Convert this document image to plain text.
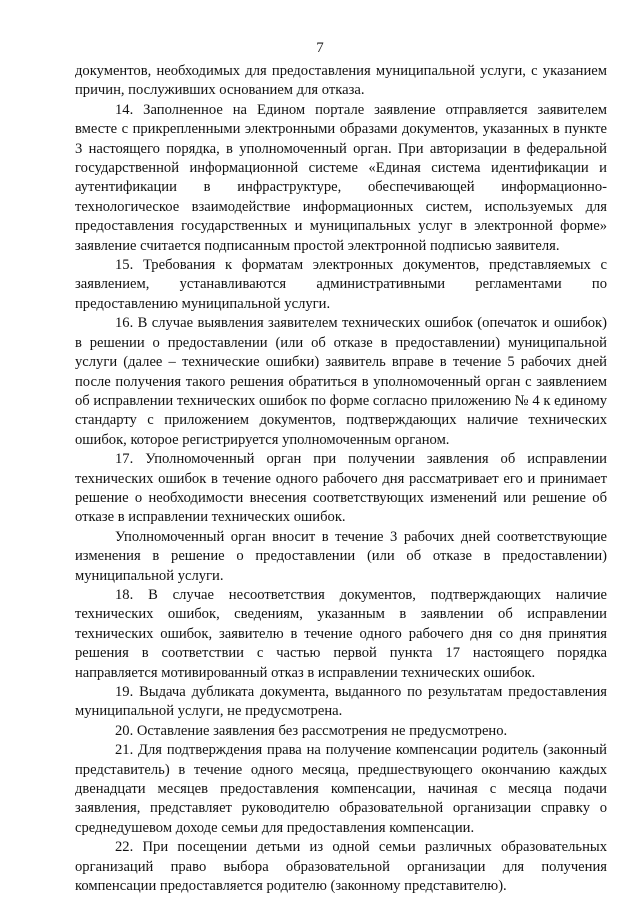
7

документов, необходимых для предоставления муниципальной услуги, с указанием причин, послуживших основанием для отказа.

14. Заполненное на Едином портале заявление отправляется заявителем вместе с прикрепленными электронными образами документов, указанных в пункте 3 настоящего порядка, в уполномоченный орган. При авторизации в федеральной государственной информационной системе «Единая система идентификации и аутентификации в инфраструктуре, обеспечивающей информационно-технологическое взаимодействие информационных систем, используемых для предоставления государственных и муниципальных услуг в электронной форме» заявление считается подписанным простой электронной подписью заявителя.

15. Требования к форматам электронных документов, представляемых с заявлением, устанавливаются административными регламентами по предоставлению муниципальной услуги.

16. В случае выявления заявителем технических ошибок (опечаток и ошибок) в решении о предоставлении (или об отказе в предоставлении) муниципальной услуги (далее – технические ошибки) заявитель вправе в течение 5 рабочих дней после получения такого решения обратиться в уполномоченный орган с заявлением об исправлении технических ошибок по форме согласно приложению № 4 к единому стандарту с приложением документов, подтверждающих наличие технических ошибок, которое регистрируется уполномоченным органом.

17. Уполномоченный орган при получении заявления об исправлении технических ошибок в течение одного рабочего дня рассматривает его и принимает решение о необходимости внесения соответствующих изменений или решение об отказе в исправлении технических ошибок.

Уполномоченный орган вносит в течение 3 рабочих дней соответствующие изменения в решение о предоставлении (или об отказе в предоставлении) муниципальной услуги.

18. В случае несоответствия документов, подтверждающих наличие технических ошибок, сведениям, указанным в заявлении об исправлении технических ошибок, заявителю в течение одного рабочего дня со дня принятия решения в соответствии с частью первой пункта 17 настоящего порядка направляется мотивированный отказ в исправлении технических ошибок.

19. Выдача дубликата документа, выданного по результатам предоставления муниципальной услуги, не предусмотрена.

20. Оставление заявления без рассмотрения не предусмотрено.

21. Для подтверждения права на получение компенсации родитель (законный представитель) в течение одного месяца, предшествующего окончанию каждых двенадцати месяцев предоставления компенсации, начиная с месяца подачи заявления, представляет руководителю образовательной организации справку о среднедушевом доходе семьи для предоставления компенсации.

22. При посещении детьми из одной семьи различных образовательных организаций право выбора образовательной организации для получения компенсации предоставляется родителю (законному представителю).
